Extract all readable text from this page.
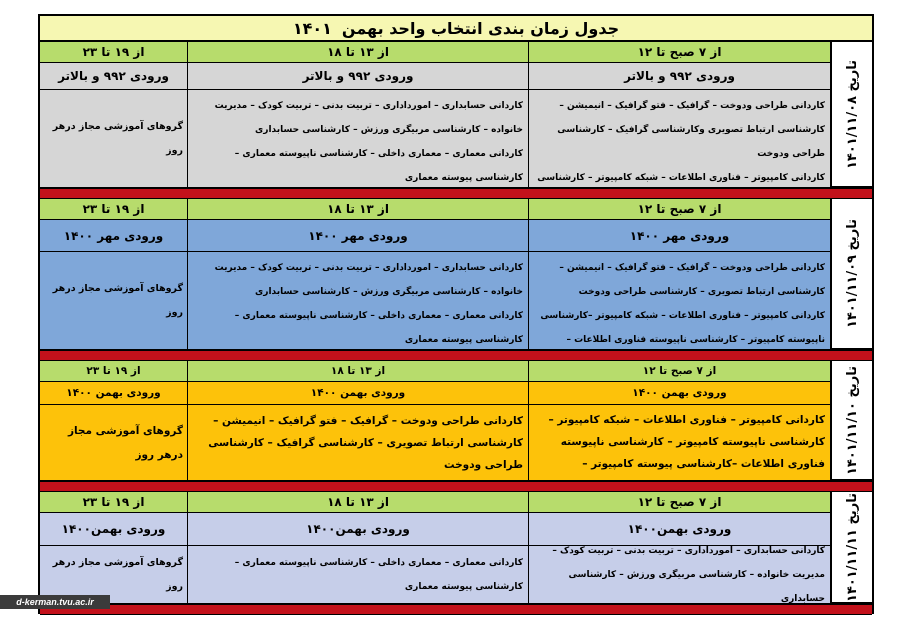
جدول زمان بندی انتخاب واحد بهمن
۱۴۰۱
تاریخ ۱۴۰۱/۱۱/۰۸
از ۷ صبح تا ۱۲
از ۱۳ تا ۱۸
از ۱۹ تا ۲۳
ورودی ۹۹۲ و بالاتر
ورودی ۹۹۲ و بالاتر
ورودی ۹۹۲ و بالاتر
کاردانی طراحی ودوخت – گرافیک – فتو گرافیک – انیمیشن – کارشناسی ارتباط تصویری وکارشناسی گرافیک – کارشناسی طراحی ودوخت
کاردانی کامپیوتر – فناوری اطلاعات – شبکه کامپیوتر – کارشناسی
کاردانی حسابداری – امورداداری – تربیت بدنی – تربیت کودک – مدیریت خانواده – کارشناسی مربیگری ورزش – کارشناسی حسابداری
کاردانی معماری – معماری داخلی – کارشناسی ناپیوسته معماری – کارشناسی پیوسته معماری
گروهای آموزشی مجاز درهر روز
تاریخ ۱۴۰۱/۱۱/۰۹
از ۷ صبح تا ۱۲
از ۱۳ تا ۱۸
از ۱۹ تا ۲۳
ورودی مهر ۱۴۰۰
ورودی مهر ۱۴۰۰
ورودی مهر ۱۴۰۰
کاردانی طراحی ودوخت – گرافیک – فتو گرافیک – انیمیشن – کارشناسی ارتباط تصویری – کارشناسی طراحی ودوخت
کاردانی کامپیوتر – فناوری اطلاعات – شبکه کامپیوتر –کارشناسی ناپیوسته کامپیوتر – کارشناسی ناپیوسته فناوری اطلاعات –
کاردانی حسابداری – امورداداری – تربیت بدنی – تربیت کودک – مدیریت خانواده – کارشناسی مربیگری ورزش – کارشناسی حسابداری
کاردانی معماری – معماری داخلی – کارشناسی ناپیوسته معماری –کارشناسی پیوسته معماری
گروهای آموزشی مجاز درهر روز
تاریخ ۱۴۰۱/۱۱/۱۰
از ۷ صبح تا ۱۲
از ۱۳ تا ۱۸
از ۱۹ تا ۲۳
ورودی بهمن ۱۴۰۰
ورودی بهمن ۱۴۰۰
ورودی بهمن ۱۴۰۰
کاردانی کامپیوتر – فناوری اطلاعات – شبکه کامپیوتر – کارشناسی ناپیوسته کامپیوتر – کارشناسی ناپیوسته فناوری اطلاعات –کارشناسی پیوسته کامپیوتر –
کاردانی طراحی ودوخت – گرافیک – فتو گرافیک – انیمیشن – کارشناسی ارتباط تصویری – کارشناسی گرافیک – کارشناسی طراحی ودوخت
گروهای آموزشی مجاز درهر روز
تاریخ ۱۴۰۱/۱۱/۱۱
از ۷ صبح تا ۱۲
از ۱۳ تا ۱۸
از ۱۹ تا ۲۳
ورودی بهمن۱۴۰۰
ورودی بهمن۱۴۰۰
ورودی بهمن۱۴۰۰
کاردانی حسابداری – امورداداری – تربیت بدنی – تربیت کودک – مدیریت خانواده – کارشناسی مربیگری ورزش – کارشناسی حسابداری
کاردانی معماری – معماری داخلی – کارشناسی ناپیوسته معماری – کارشناسی پیوسته معماری
گروهای آموزشی مجاز درهر روز
d-kerman.tvu.ac.ir
